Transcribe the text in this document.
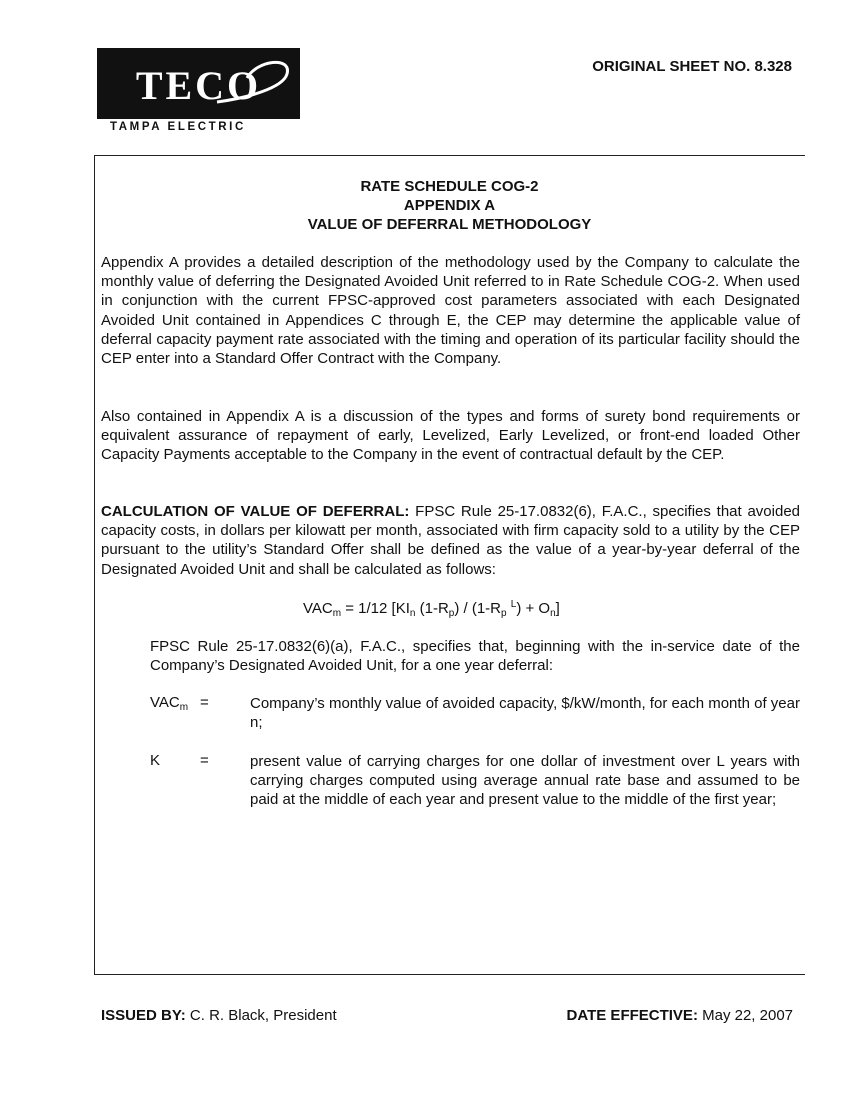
TECO
TAMPA ELECTRIC
ORIGINAL SHEET NO. 8.328
RATE SCHEDULE COG-2
APPENDIX A
VALUE OF DEFERRAL METHODOLOGY
Appendix A provides a detailed description of the methodology used by the Company to calculate the monthly value of deferring the Designated Avoided Unit referred to in Rate Schedule COG-2. When used in conjunction with the current FPSC-approved cost parameters associated with each Designated Avoided Unit contained in Appendices C through E, the CEP may determine the applicable value of deferral capacity payment rate associated with the timing and operation of its particular facility should the CEP enter into a Standard Offer Contract with the Company.
Also contained in Appendix A is a discussion of the types and forms of surety bond requirements or equivalent assurance of repayment of early, Levelized, Early Levelized, or front-end loaded Other Capacity Payments acceptable to the Company in the event of contractual default by the CEP.
CALCULATION OF VALUE OF DEFERRAL: FPSC Rule 25-17.0832(6), F.A.C., specifies that avoided capacity costs, in dollars per kilowatt per month, associated with firm capacity sold to a utility by the CEP pursuant to the utility’s Standard Offer shall be defined as the value of a year-by-year deferral of the Designated Avoided Unit and shall be calculated as follows:
$VAC_m = 1/12$ [$KI_n$ $(1-R_p) / (1-R_p$ $^L) + O_n$]
FPSC Rule 25-17.0832(6)(a), F.A.C., specifies that, beginning with the in-service date of the Company’s Designated Avoided Unit, for a one year deferral:
$VAC_m$ =	Company’s monthly value of avoided capacity, $/kW/month, for each month of year n;
K	=	present value of carrying charges for one dollar of investment over L years with carrying charges computed using average annual rate base and assumed to be paid at the middle of each year and present value to the middle of the first year;
ISSUED BY: C. R. Black, President	DATE EFFECTIVE: May 22, 2007
